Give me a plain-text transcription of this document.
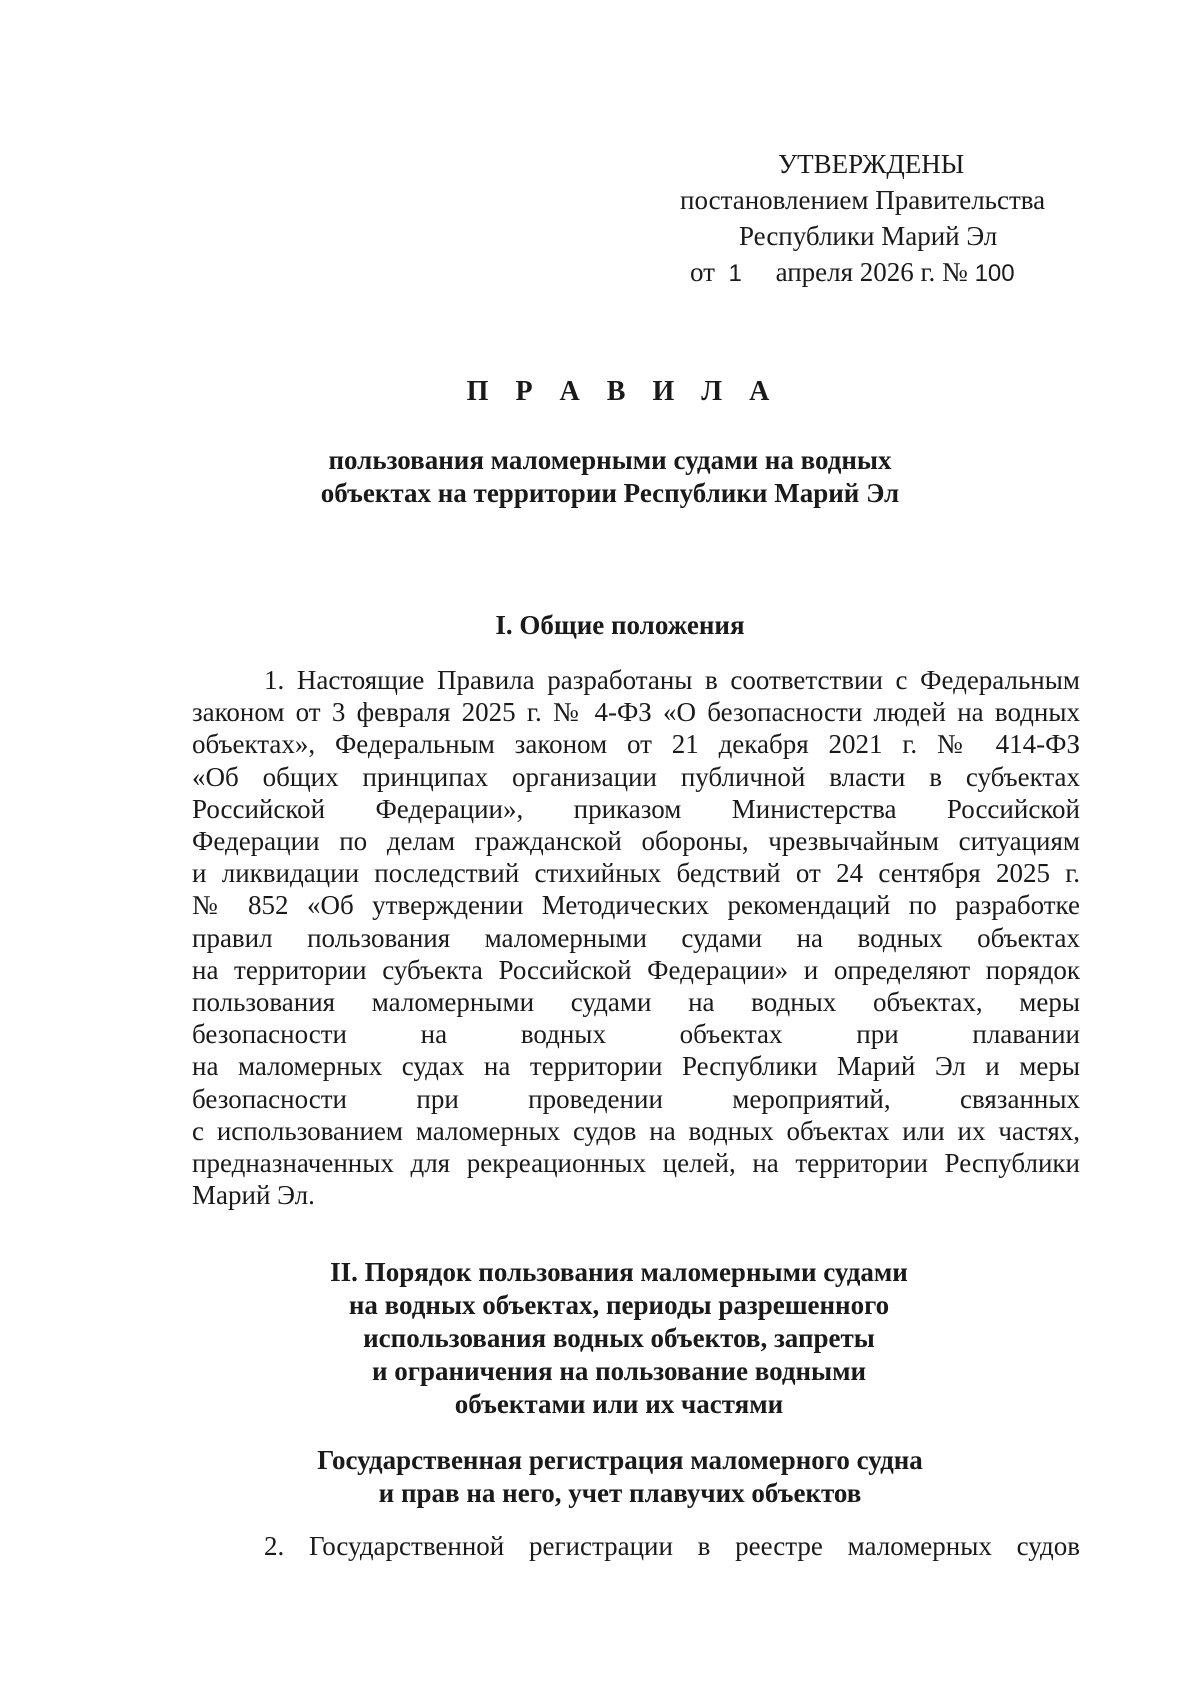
УТВЕРЖДЕНЫ
постановлением Правительства
Республики Марий Эл
от 1 апреля 2026 г. № 100
П Р А В И Л А
пользования маломерными судами на водных
объектах на территории Республики Марий Эл
I. Общие положения
1. Настоящие Правила разработаны в соответствии с Федеральным
законом от 3 февраля 2025 г. № 4-ФЗ «О безопасности людей на водных
объектах», Федеральным законом от 21 декабря 2021 г. № 414-ФЗ
«Об общих принципах организации публичной власти в субъектах
Российской Федерации», приказом Министерства Российской
Федерации по делам гражданской обороны, чрезвычайным ситуациям
и ликвидации последствий стихийных бедствий от 24 сентября 2025 г.
№ 852 «Об утверждении Методических рекомендаций по разработке
правил пользования маломерными судами на водных объектах
на территории субъекта Российской Федерации» и определяют порядок
пользования маломерными судами на водных объектах, меры
безопасности на водных объектах при плавании
на маломерных судах на территории Республики Марий Эл и меры
безопасности при проведении мероприятий, связанных
с использованием маломерных судов на водных объектах или их частях,
предназначенных для рекреационных целей, на территории Республики
Марий Эл.
II. Порядок пользования маломерными судами
на водных объектах, периоды разрешенного
использования водных объектов, запреты
и ограничения на пользование водными
объектами или их частями
Государственная регистрация маломерного судна
и прав на него, учет плавучих объектов
2. Государственной регистрации в реестре маломерных судов
